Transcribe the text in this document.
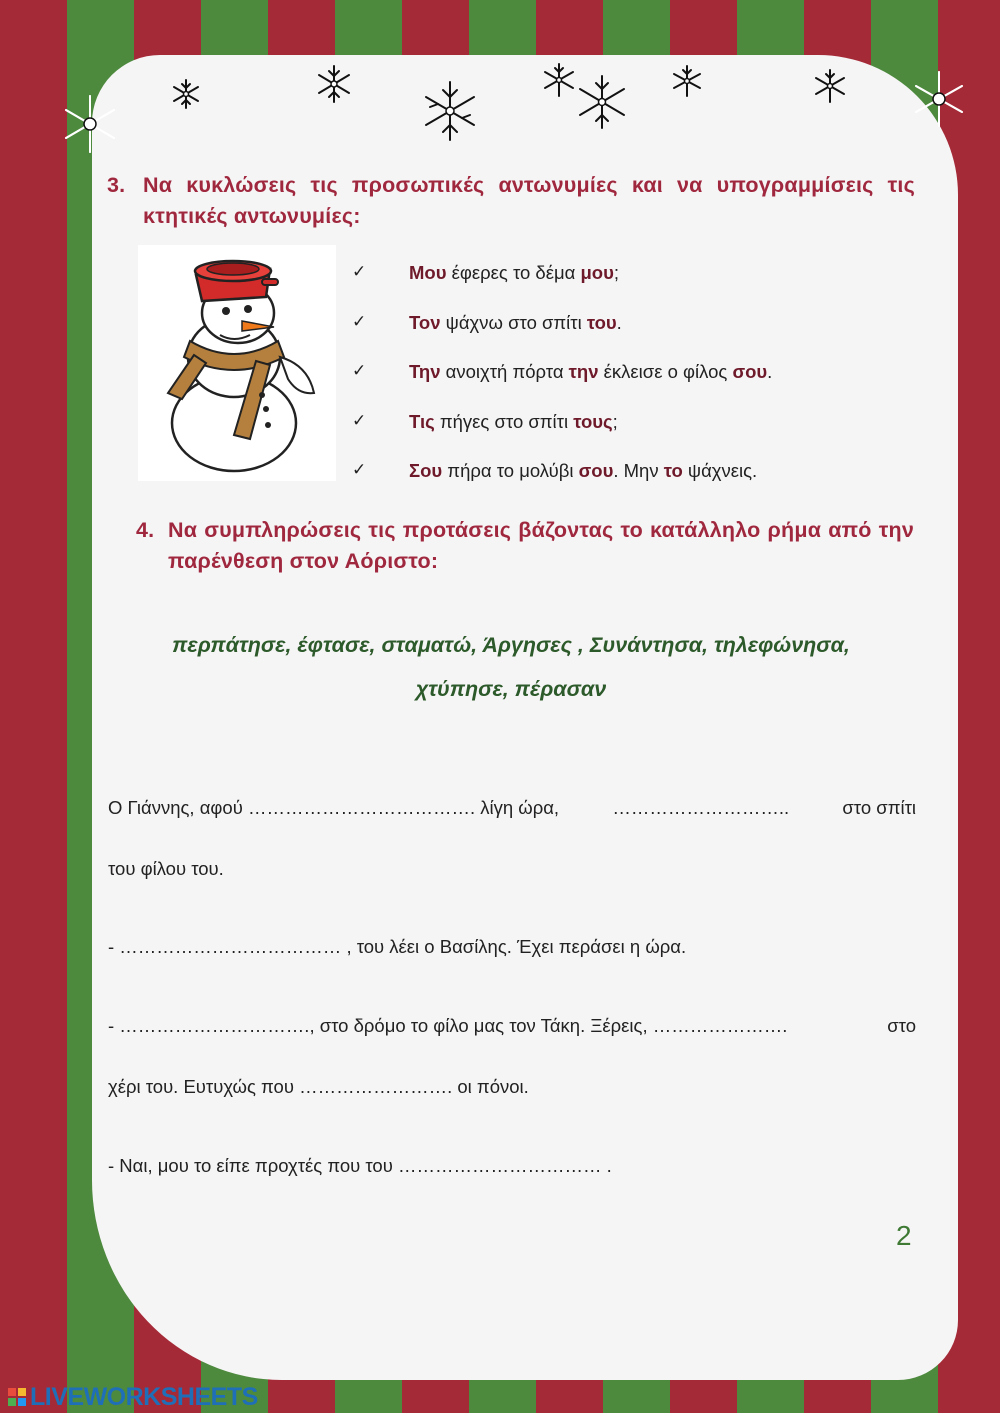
3. Να κυκλώσεις τις προσωπικές αντωνυμίες και να υπογραμμίσεις τις κτητικές αντωνυμίες:
✓ Μου έφερες το δέμα μου;
✓ Τον ψάχνω στο σπίτι του.
✓ Την ανοιχτή πόρτα την έκλεισε ο φίλος σου.
✓ Τις πήγες στο σπίτι τους;
✓ Σου πήρα το μολύβι σου. Μην το ψάχνεις.
4. Να συμπληρώσεις τις προτάσεις βάζοντας το κατάλληλο ρήμα από την παρένθεση στον Αόριστο:
περπάτησε, έφτασε, σταματώ, Άργησες , Συνάντησα, τηλεφώνησα,
χτύπησε, πέρασαν
Ο Γιάννης, αφού ………………………………. λίγη ώρα,	………………………..	στο σπίτι
του φίλου του.
- ……………………………… , του λέει ο Βασίλης. Έχει περάσει η ώρα.
- …………………………., στο δρόμο το φίλο μας τον Τάκη. Ξέρεις, ………………….	στο
χέρι του. Ευτυχώς που ……………………. οι πόνοι.
- Ναι, μου το είπε προχτές που του …………………………… .
2
LIVEWORKSHEETS
